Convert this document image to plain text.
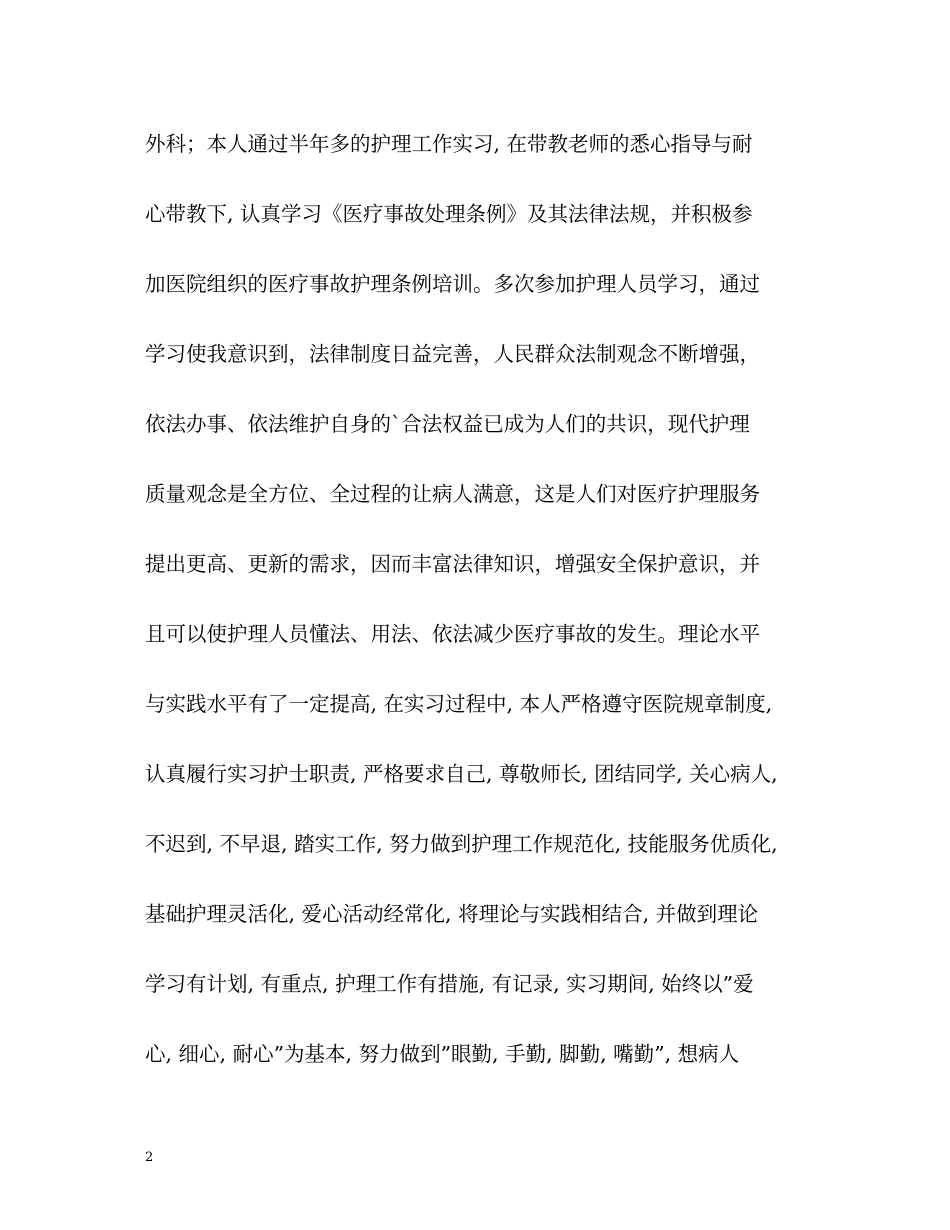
外科；本人通过半年多的护理工作实习, 在带教老师的悉心指导与耐
心带教下, 认真学习《医疗事故处理条例》及其法律法规，并积极参
加医院组织的医疗事故护理条例培训。多次参加护理人员学习，通过
学习使我意识到，法律制度日益完善，人民群众法制观念不断增强，
依法办事、依法维护自身的`合法权益已成为人们的共识，现代护理
质量观念是全方位、全过程的让病人满意，这是人们对医疗护理服务
提出更高、更新的需求，因而丰富法律知识，增强安全保护意识，并
且可以使护理人员懂法、用法、依法减少医疗事故的发生。理论水平
与实践水平有了一定提高, 在实习过程中, 本人严格遵守医院规章制度,
认真履行实习护士职责, 严格要求自己, 尊敬师长, 团结同学, 关心病人,
不迟到, 不早退, 踏实工作, 努力做到护理工作规范化, 技能服务优质化,
基础护理灵活化, 爱心活动经常化, 将理论与实践相结合, 并做到理论
学习有计划, 有重点, 护理工作有措施, 有记录, 实习期间, 始终以”爱
心, 细心, 耐心”为基本, 努力做到”眼勤, 手勤, 脚勤, 嘴勤”, 想病人
2
